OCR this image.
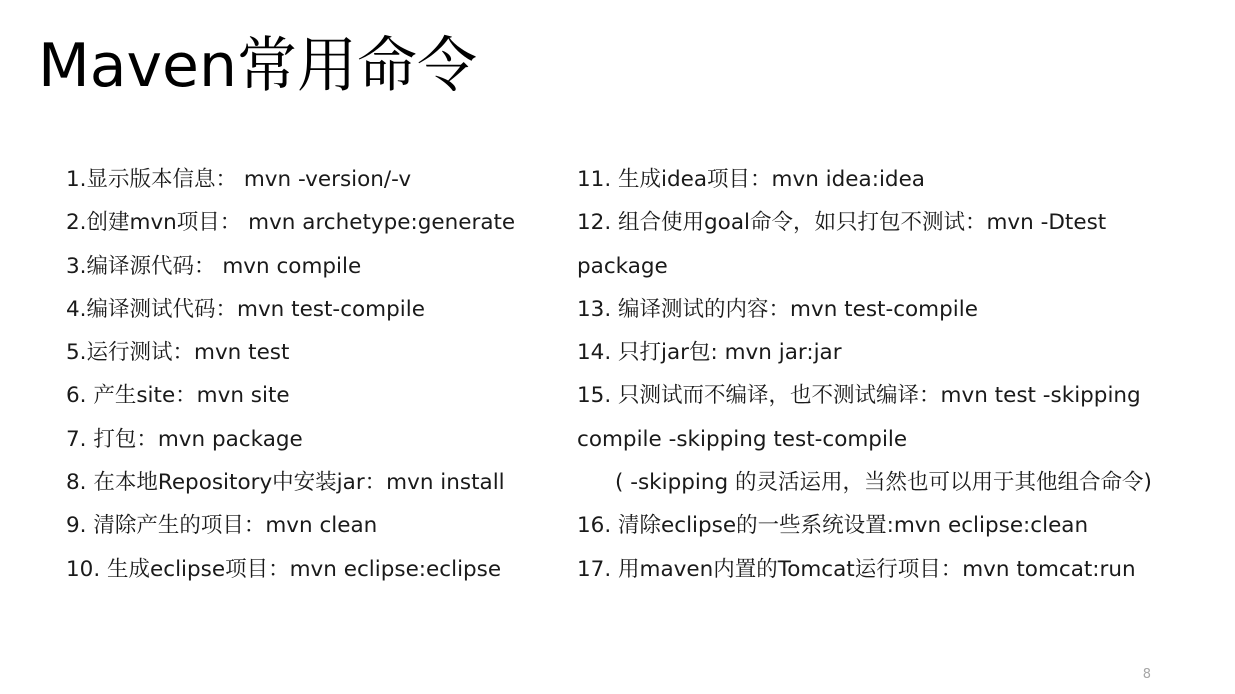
Maven常用命令
1.显示版本信息： mvn -version/-v
2.创建mvn项目： mvn archetype:generate
3.编译源代码： mvn compile
4.编译测试代码：mvn test-compile
5.运行测试：mvn test
6. 产生site：mvn site
7. 打包：mvn package
8. 在本地Repository中安装jar：mvn install
9. 清除产生的项目：mvn clean
10. 生成eclipse项目：mvn eclipse:eclipse
11. 生成idea项目：mvn idea:idea
12. 组合使用goal命令，如只打包不测试：mvn -Dtest
package
13. 编译测试的内容：mvn test-compile
14. 只打jar包: mvn jar:jar
15. 只测试而不编译，也不测试编译：mvn test -skipping
compile -skipping test-compile
( -skipping 的灵活运用，当然也可以用于其他组合命令)
16. 清除eclipse的一些系统设置:mvn eclipse:clean
17. 用maven内置的Tomcat运行项目：mvn tomcat:run
8
